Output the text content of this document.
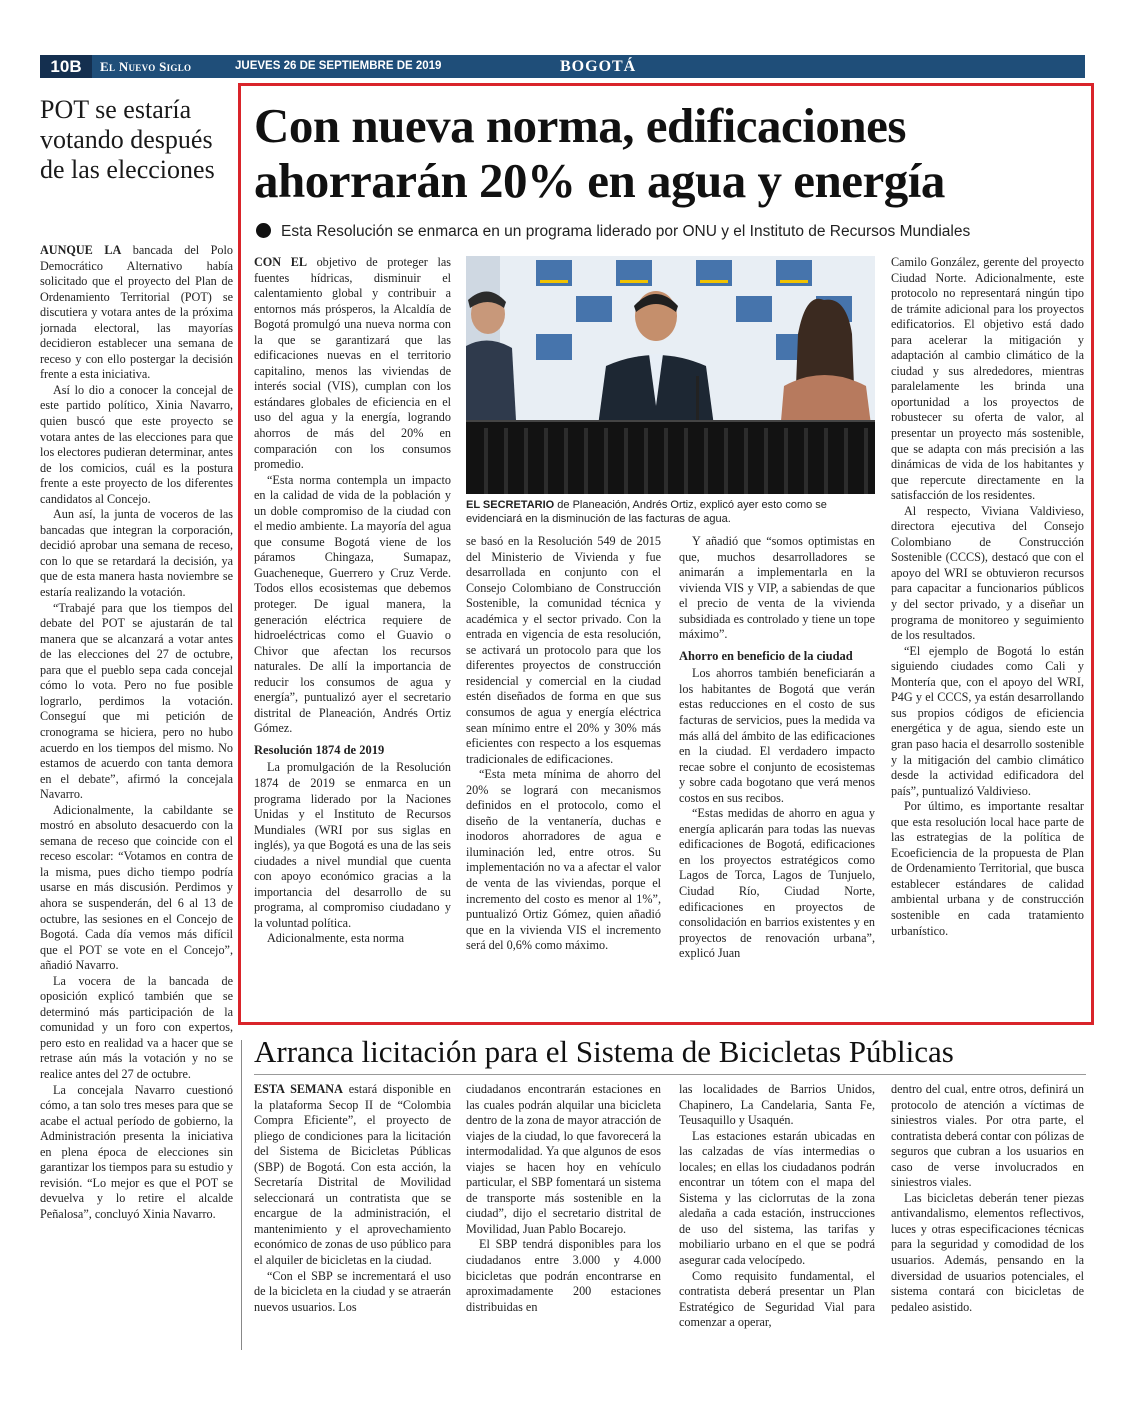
10B	El Nuevo Siglo	JUEVES 26 DE SEPTIEMBRE DE 2019	BOGOTÁ
POT se estaría votando después de las elecciones

AUNQUE LA bancada del Polo Democrático Alternativo había solicitado que el proyecto del Plan de Ordenamiento Territorial (POT) se discutiera y votara antes de la próxima jornada electoral, las mayorías decidieron establecer una semana de receso y con ello postergar la decisión frente a esta iniciativa.

Así lo dio a conocer la concejal de este partido político, Xinia Navarro, quien buscó que este proyecto se votara antes de las elecciones para que los electores pudieran determinar, antes de los comicios, cuál es la postura frente a este proyecto de los diferentes candidatos al Concejo.

Aun así, la junta de voceros de las bancadas que integran la corporación, decidió aprobar una semana de receso, con lo que se retardará la decisión, ya que de esta manera hasta noviembre se estaría realizando la votación.

“Trabajé para que los tiempos del debate del POT se ajustarán de tal manera que se alcanzará a votar antes de las elecciones del 27 de octubre, para que el pueblo sepa cada concejal cómo lo vota. Pero no fue posible lograrlo, perdimos la votación. Conseguí que mi petición de cronograma se hiciera, pero no hubo acuerdo en los tiempos del mismo. No estamos de acuerdo con tanta demora en el debate”, afirmó la concejala Navarro.

Adicionalmente, la cabildante se mostró en absoluto desacuerdo con la semana de receso que coincide con el receso escolar: “Votamos en contra de la misma, pues dicho tiempo podría usarse en más discusión. Perdimos y ahora se suspenderán, del 6 al 13 de octubre, las sesiones en el Concejo de Bogotá. Cada día vemos más difícil que el POT se vote en el Concejo”, añadió Navarro.

La vocera de la bancada de oposición explicó también que se determinó más participación de la comunidad y un foro con expertos, pero esto en realidad va a hacer que se retrase aún más la votación y no se realice antes del 27 de octubre.

La concejala Navarro cuestionó cómo, a tan solo tres meses para que se acabe el actual período de gobierno, la Administración presenta la iniciativa en plena época de elecciones sin garantizar los tiempos para su estudio y revisión. “Lo mejor es que el POT se devuelva y lo retire el alcalde Peñalosa”, concluyó Xinia Navarro.

Con nueva norma, edificaciones ahorrarán 20% en agua y energía
Esta Resolución se enmarca en un programa liderado por ONU y el Instituto de Recursos Mundiales

CON EL objetivo de proteger las fuentes hídricas, disminuir el calentamiento global y contribuir a entornos más prósperos, la Alcaldía de Bogotá promulgó una nueva norma con la que se garantizará que las edificaciones nuevas en el territorio capitalino, menos las viviendas de interés social (VIS), cumplan con los estándares globales de eficiencia en el uso del agua y la energía, logrando ahorros de más del 20% en comparación con los consumos promedio.

“Esta norma contempla un impacto en la calidad de vida de la población y un doble compromiso de la ciudad con el medio ambiente. La mayoría del agua que consume Bogotá viene de los páramos Chingaza, Sumapaz, Guacheneque, Guerrero y Cruz Verde. Todos ellos ecosistemas que debemos proteger. De igual manera, la generación eléctrica requiere de hidroeléctricas como el Guavio o Chivor que afectan los recursos naturales. De allí la importancia de reducir los consumos de agua y energía”, puntualizó ayer el secretario distrital de Planeación, Andrés Ortiz Gómez.

Resolución 1874 de 2019

La promulgación de la Resolución 1874 de 2019 se enmarca en un programa liderado por la Naciones Unidas y el Instituto de Recursos Mundiales (WRI por sus siglas en inglés), ya que Bogotá es una de las seis ciudades a nivel mundial que cuenta con apoyo económico gracias a la importancia del desarrollo de su programa, al compromiso ciudadano y la voluntad política.

Adicionalmente, esta norma

EL SECRETARIO de Planeación, Andrés Ortiz, explicó ayer esto como se evidenciará en la disminución de las facturas de agua.

se basó en la Resolución 549 de 2015 del Ministerio de Vivienda y fue desarrollada en conjunto con el Consejo Colombiano de Construcción Sostenible, la comunidad técnica y académica y el sector privado. Con la entrada en vigencia de esta resolución, se activará un protocolo para que los diferentes proyectos de construcción residencial y comercial en la ciudad estén diseñados de forma en que sus consumos de agua y energía eléctrica sean mínimo entre el 20% y 30% más eficientes con respecto a los esquemas tradicionales de edificaciones.

“Esta meta mínima de ahorro del 20% se logrará con mecanismos definidos en el protocolo, como el diseño de la ventanería, duchas e inodoros ahorradores de agua e iluminación led, entre otros. Su implementación no va a afectar el valor de venta de las viviendas, porque el incremento del costo es menor al 1%”, puntualizó Ortiz Gómez, quien añadió que en la vivienda VIS el incremento será del 0,6% como máximo.

Y añadió que “somos optimistas en que, muchos desarrolladores se animarán a implementarla en la vivienda VIS y VIP, a sabiendas de que el precio de venta de la vivienda subsidiada es controlado y tiene un tope máximo”.

Ahorro en beneficio de la ciudad

Los ahorros también beneficiarán a los habitantes de Bogotá que verán estas reducciones en el costo de sus facturas de servicios, pues la medida va más allá del ámbito de las edificaciones en la ciudad. El verdadero impacto recae sobre el conjunto de ecosistemas y sobre cada bogotano que verá menos costos en sus recibos.

“Estas medidas de ahorro en agua y energía aplicarán para todas las nuevas edificaciones de Bogotá, edificaciones en los proyectos estratégicos como Lagos de Torca, Lagos de Tunjuelo, Ciudad Río, Ciudad Norte, edificaciones en proyectos de consolidación en barrios existentes y en proyectos de renovación urbana”, explicó Juan

Camilo González, gerente del proyecto Ciudad Norte. Adicionalmente, este protocolo no representará ningún tipo de trámite adicional para los proyectos edificatorios. El objetivo está dado para acelerar la mitigación y adaptación al cambio climático de la ciudad y sus alrededores, mientras paralelamente les brinda una oportunidad a los proyectos de robustecer su oferta de valor, al presentar un proyecto más sostenible, que se adapta con más precisión a las dinámicas de vida de los habitantes y que repercute directamente en la satisfacción de los residentes.

Al respecto, Viviana Valdivieso, directora ejecutiva del Consejo Colombiano de Construcción Sostenible (CCCS), destacó que con el apoyo del WRI se obtuvieron recursos para capacitar a funcionarios públicos y del sector privado, y a diseñar un programa de monitoreo y seguimiento de los resultados.

“El ejemplo de Bogotá lo están siguiendo ciudades como Cali y Montería que, con el apoyo del WRI, P4G y el CCCS, ya están desarrollando sus propios códigos de eficiencia energética y de agua, siendo este un gran paso hacia el desarrollo sostenible y la mitigación del cambio climático desde la actividad edificadora del país”, puntualizó Valdivieso.

Por último, es importante resaltar que esta resolución local hace parte de las estrategias de la política de Ecoeficiencia de la propuesta de Plan de Ordenamiento Territorial, que busca establecer estándares de calidad ambiental urbana y de construcción sostenible en cada tratamiento urbanístico.

Arranca licitación para el Sistema de Bicicletas Públicas

ESTA SEMANA estará disponible en la plataforma Secop II de “Colombia Compra Eficiente”, el proyecto de pliego de condiciones para la licitación del Sistema de Bicicletas Públicas (SBP) de Bogotá. Con esta acción, la Secretaría Distrital de Movilidad seleccionará un contratista que se encargue de la administración, el mantenimiento y el aprovechamiento económico de zonas de uso público para el alquiler de bicicletas en la ciudad.

“Con el SBP se incrementará el uso de la bicicleta en la ciudad y se atraerán nuevos usuarios. Los

ciudadanos encontrarán estaciones en las cuales podrán alquilar una bicicleta dentro de la zona de mayor atracción de viajes de la ciudad, lo que favorecerá la intermodalidad. Ya que algunos de esos viajes se hacen hoy en vehículo particular, el SBP fomentará un sistema de transporte más sostenible en la ciudad”, dijo el secretario distrital de Movilidad, Juan Pablo Bocarejo.

El SBP tendrá disponibles para los ciudadanos entre 3.000 y 4.000 bicicletas que podrán encontrarse en aproximadamente 200 estaciones distribuidas en

las localidades de Barrios Unidos, Chapinero, La Candelaria, Santa Fe, Teusaquillo y Usaquén.

Las estaciones estarán ubicadas en las calzadas de vías intermedias o locales; en ellas los ciudadanos podrán encontrar un tótem con el mapa del Sistema y las ciclorrutas de la zona aledaña a cada estación, instrucciones de uso del sistema, las tarifas y mobiliario urbano en el que se podrá asegurar cada velocípedo.

Como requisito fundamental, el contratista deberá presentar un Plan Estratégico de Seguridad Vial para comenzar a operar,

dentro del cual, entre otros, definirá un protocolo de atención a víctimas de siniestros viales. Por otra parte, el contratista deberá contar con pólizas de seguros que cubran a los usuarios en caso de verse involucrados en siniestros viales.

Las bicicletas deberán tener piezas antivandalismo, elementos reflectivos, luces y otras especificaciones técnicas para la seguridad y comodidad de los usuarios. Además, pensando en la diversidad de usuarios potenciales, el sistema contará con bicicletas de pedaleo asistido.
